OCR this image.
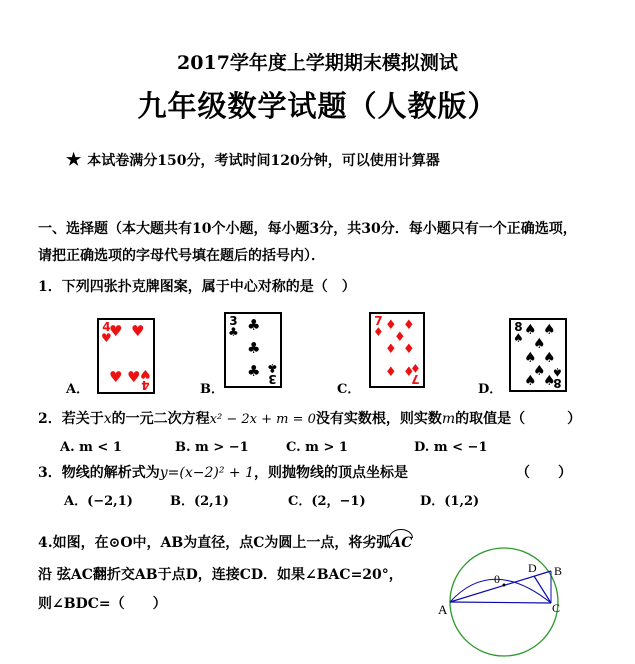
2017学年度上学期期末模拟测试
九年级数学试题（人教版）
★ 本试卷满分150分，考试时间120分钟，可以使用计算器
一、选择题（本大题共有10个小题，每小题3分，共30分．每小题只有一个正确选项，
请把正确选项的字母代号填在题后的括号内）．
1．下列四张扑克牌图案，属于中心对称的是（　）
4
♥
♥ ♥
♥ ♥ 4
♥
A．
3
♣ ♣
♣
♣ 3
♣
B．
7
♦ ♦ ♦
♦
♦ ♦
♦ ♦
7
♦
C．
8
♠ ♠ ♠
♠
♠ ♠
♠
♠ ♠
8
♠
D．
2．若关于x的一元二次方程x² − 2x + m = 0没有实数根，则实数m的取值是（　　　）
A. m < 1	B. m > −1	C. m > 1	D. m < −1
3．物线的解析式为y=(x−2)² + 1，则抛物线的顶点坐标是	（　　）
A．(−2,1)	B．(2,1)	C．(2，−1)	D．(1,2)
4.如图，在⊙O中，AB为直径，点C为圆上一点，将劣弧AC
沿 弦AC翻折交AB于点D，连接CD．如果∠BAC=20°，
则∠BDC=（　　）	A
B
C
D
0
